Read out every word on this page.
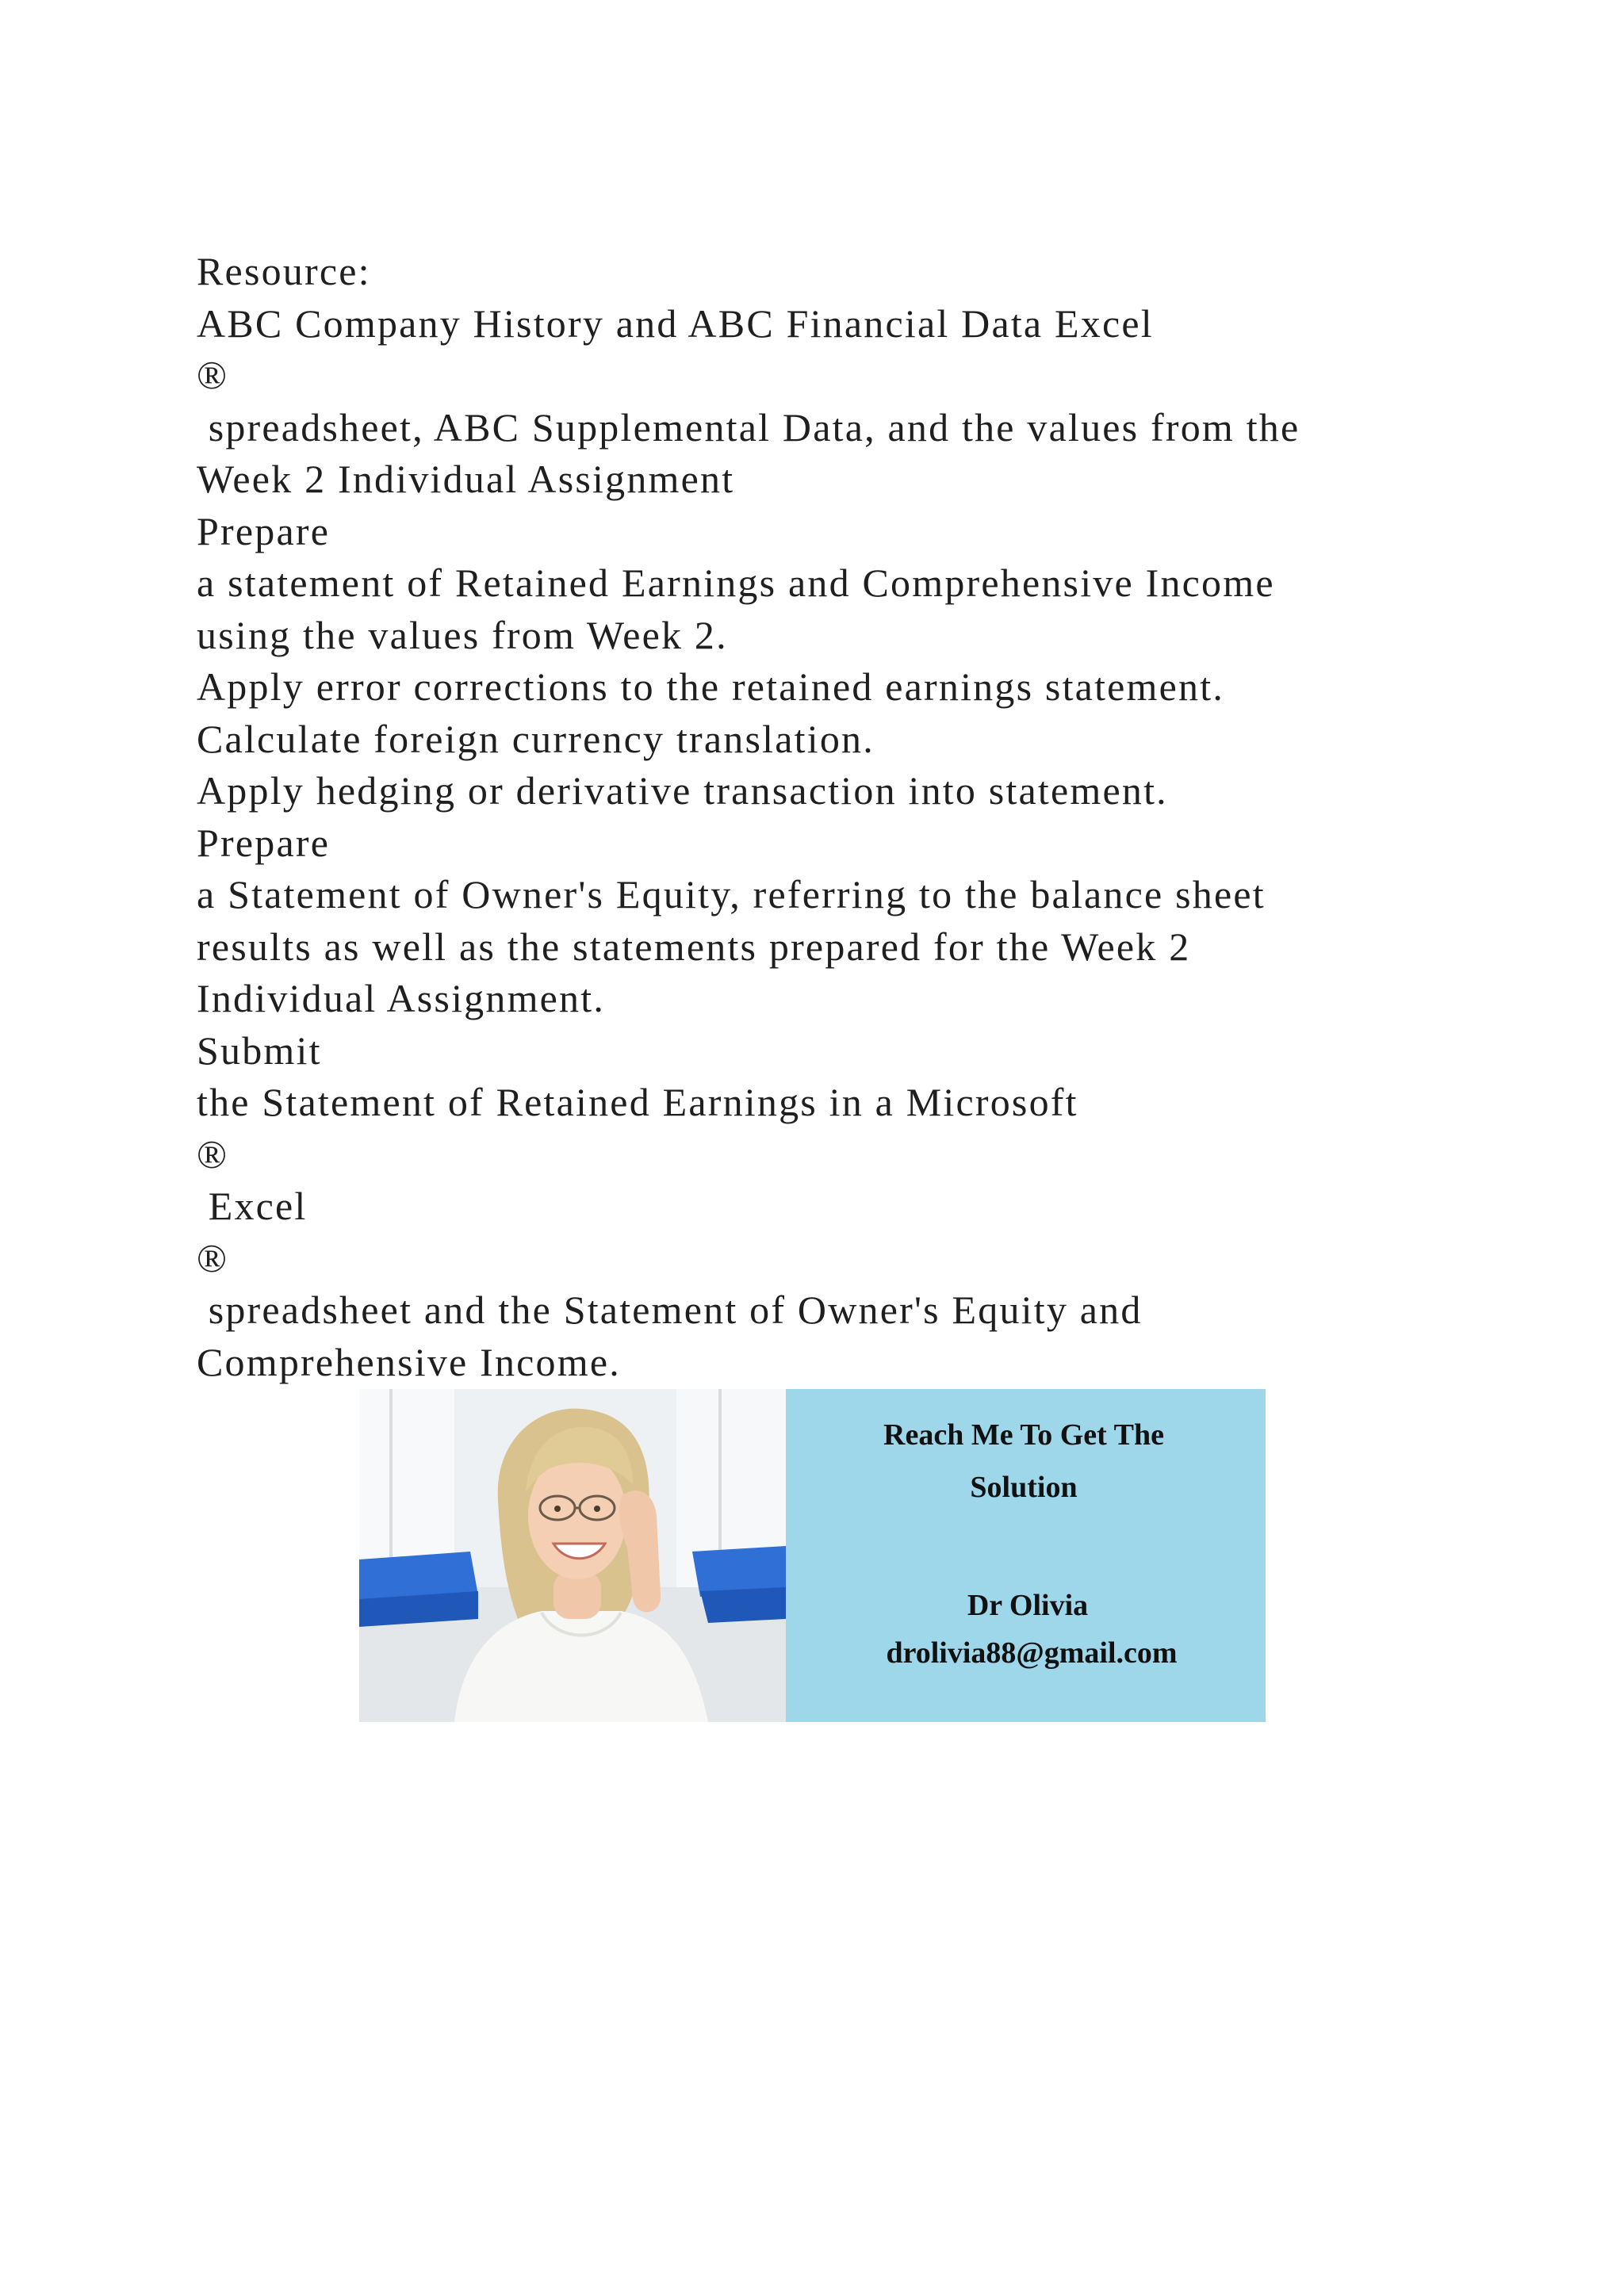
Resource:
ABC Company History and ABC Financial Data Excel
®
spreadsheet, ABC Supplemental Data, and the values from the
Week 2 Individual Assignment
Prepare
a statement of Retained Earnings and Comprehensive Income
using the values from Week 2.
Apply error corrections to the retained earnings statement.
Calculate foreign currency translation.
Apply hedging or derivative transaction into statement.
Prepare
a Statement of Owner's Equity, referring to the balance sheet
results as well as the statements prepared for the Week 2
Individual Assignment.
Submit
the Statement of Retained Earnings in a Microsoft
®
Excel
®
spreadsheet and the Statement of Owner's Equity and
Comprehensive Income.
Reach Me To Get The
Solution
Dr Olivia
drolivia88@gmail.com
